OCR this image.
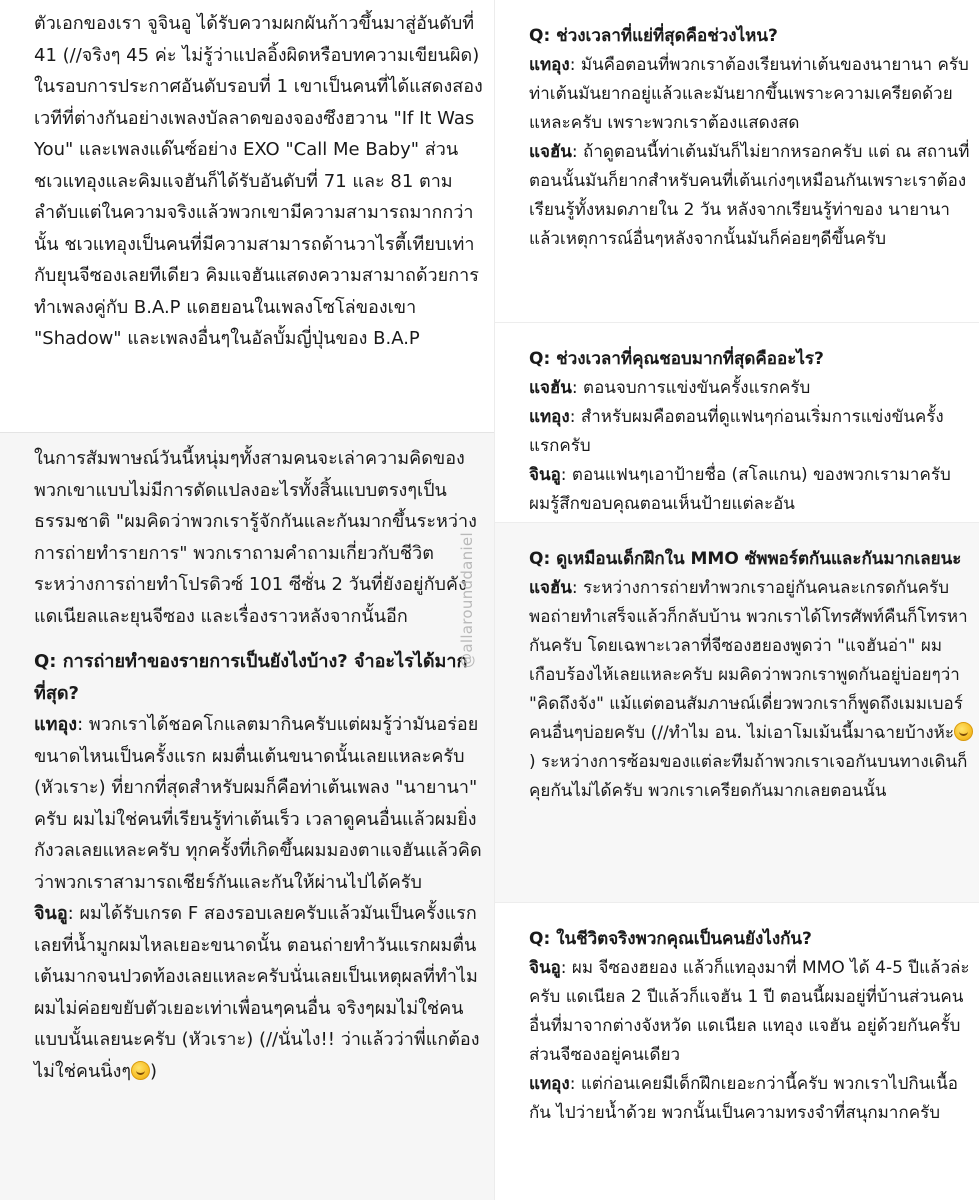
ตัวเอกของเรา จูจินอู ได้รับความผกผันก้าวขึ้นมาสู่อันดับที่ 41 (//จริงๆ 45 ค่ะ ไม่รู้ว่าแปลอิ้งผิดหรือบทความเขียนผิด) ในรอบการประกาศอันดับรอบที่ 1 เขาเป็นคนที่ได้แสดงสองเวทีที่ต่างกันอย่างเพลงบัลลาดของจองซึงฮวาน "If It Was You" และเพลงแด๊นซ์อย่าง EXO "Call Me Baby" ส่วนชเวแทอุงและคิมแจฮันก็ได้รับอันดับที่ 71 และ 81 ตามลำดับแต่ในความจริงแล้วพวกเขามีความสามารถมากกว่านั้น ชเวแทอุงเป็นคนที่มีความสามารถด้านวาไรตี้เทียบเท่ากับยุนจีซองเลยทีเดียว คิมแจฮันแสดงความสามาถด้วยการทำเพลงคู่กับ B.A.P แดฮยอนในเพลงโซโล่ของเขา "Shadow" และเพลงอื่นๆในอัลบั้มญี่ปุ่นของ B.A.P

ในการสัมพาษณ์วันนี้หนุ่มๆทั้งสามคนจะเล่าความคิดของพวกเขาแบบไม่มีการดัดแปลงอะไรทั้งสิ้นแบบตรงๆเป็นธรรมชาติ "ผมคิดว่าพวกเรารู้จักกันและกันมากขึ้นระหว่างการถ่ายทำรายการ" พวกเราถามคำถามเกี่ยวกับชีวิตระหว่างการถ่ายทำโปรดิวซ์ 101 ซีซั่น 2 วันที่ยังอยู่กับคังแดเนียลและยุนจีซอง และเรื่องราวหลังจากนั้นอีก

Q: การถ่ายทำของรายการเป็นยังไงบ้าง? จำอะไรได้มากที่สุด?

แทอุง: พวกเราได้ชอคโกแลตมากินครับแต่ผมรู้ว่ามันอร่อยขนาดไหนเป็นครั้งแรก ผมตื่นเต้นขนาดนั้นเลยแหละครับ (หัวเราะ) ที่ยากที่สุดสำหรับผมก็คือท่าเต้นเพลง "นายานา" ครับ ผมไม่ใช่คนที่เรียนรู้ท่าเต้นเร็ว เวลาดูคนอื่นแล้วผมยิ่งกังวลเลยแหละครับ ทุกครั้งที่เกิดขึ้นผมมองตาแจฮันแล้วคิดว่าพวกเราสามารถเชียร์กันและกันให้ผ่านไปได้ครับ

จินอู: ผมได้รับเกรด F สองรอบเลยครับแล้วมันเป็นครั้งแรกเลยที่น้ำมูกผมไหลเยอะขนาดนั้น ตอนถ่ายทำวันแรกผมตื่นเต้นมากจนปวดท้องเลยแหละครับนั่นเลยเป็นเหตุผลที่ทำไมผมไม่ค่อยขยับตัวเยอะเท่าเพื่อนๆคนอื่น จริงๆผมไม่ใช่คนแบบนั้นเลยนะครับ (หัวเราะ) (//นั่นไง!! ว่าแล้วว่าพี่แกต้องไม่ใช่คนนิ่งๆ )

@allarounddaniel

Q: ช่วงเวลาที่แย่ที่สุดคือช่วงไหน?

แทอุง: มันคือตอนที่พวกเราต้องเรียนท่าเต้นของนายานา ครับ ท่าเต้นมันยากอยู่แล้วและมันยากขึ้นเพราะความเครียดด้วยแหละครับ เพราะพวกเราต้องแสดงสด

แจฮัน: ถ้าดูตอนนี้ท่าเต้นมันก็ไม่ยากหรอกครับ แต่ ณ สถานที่ตอนนั้นมันก็ยากสำหรับคนที่เต้นเก่งๆเหมือนกันเพราะเราต้องเรียนรู้ทั้งหมดภายใน 2 วัน หลังจากเรียนรู้ท่าของ นายานา แล้วเหตุการณ์อื่นๆหลังจากนั้นมันก็ค่อยๆดีขึ้นครับ

Q: ช่วงเวลาที่คุณชอบมากที่สุดคืออะไร?

แจฮัน: ตอนจบการแข่งขันครั้งแรกครับ

แทอุง: สำหรับผมคือตอนที่ดูแฟนๆก่อนเริ่มการแข่งขันครั้งแรกครับ

จินอู: ตอนแฟนๆเอาป้ายชื่อ (สโลแกน) ของพวกเรามาครับ ผมรู้สึกขอบคุณตอนเห็นป้ายแต่ละอัน

Q: ดูเหมือนเด็กฝึกใน MMO ซัพพอร์ตกันและกันมากเลยนะ

แจฮัน: ระหว่างการถ่ายทำพวกเราอยู่กันคนละเกรดกันครับ พอถ่ายทำเสร็จแล้วก็กลับบ้าน พวกเราได้โทรศัพท์คืนก็โทรหากันครับ โดยเฉพาะเวลาที่จีซองฮยองพูดว่า "แจฮันอ่า" ผมเกือบร้องไห้เลยแหละครับ ผมคิดว่าพวกเราพูดกันอยู่บ่อยๆว่า "คิดถึงจัง" แม้แต่ตอนสัมภาษณ์เดี่ยวพวกเราก็พูดถึงเมมเบอร์คนอื่นๆบ่อยครับ (//ทำไม อน. ไม่เอาโมเม้นนี้มาฉายบ้างห้ะ) ระหว่างการซ้อมของแต่ละทีมถ้าพวกเราเจอกันบนทางเดินก็คุยกันไม่ได้ครับ พวกเราเครียดกันมากเลยตอนนั้น

Q: ในชีวิตจริงพวกคุณเป็นคนยังไงกัน?

จินอู: ผม จีซองฮยอง แล้วก็แทอุงมาที่ MMO ได้ 4-5 ปีแล้วล่ะครับ แดเนียล 2 ปีแล้วก็แจฮัน 1 ปี ตอนนี้ผมอยู่ที่บ้านส่วนคนอื่นที่มาจากต่างจังหวัด แดเนียล แทอุง แจฮัน อยู่ด้วยกันครั้บ ส่วนจีซองอยู่คนเดียว

แทอุง: แต่ก่อนเคยมีเด็กฝึกเยอะกว่านี้ครับ พวกเราไปกินเนื้อกัน ไปว่ายน้ำด้วย พวกนั้นเป็นความทรงจำที่สนุกมากครับ
